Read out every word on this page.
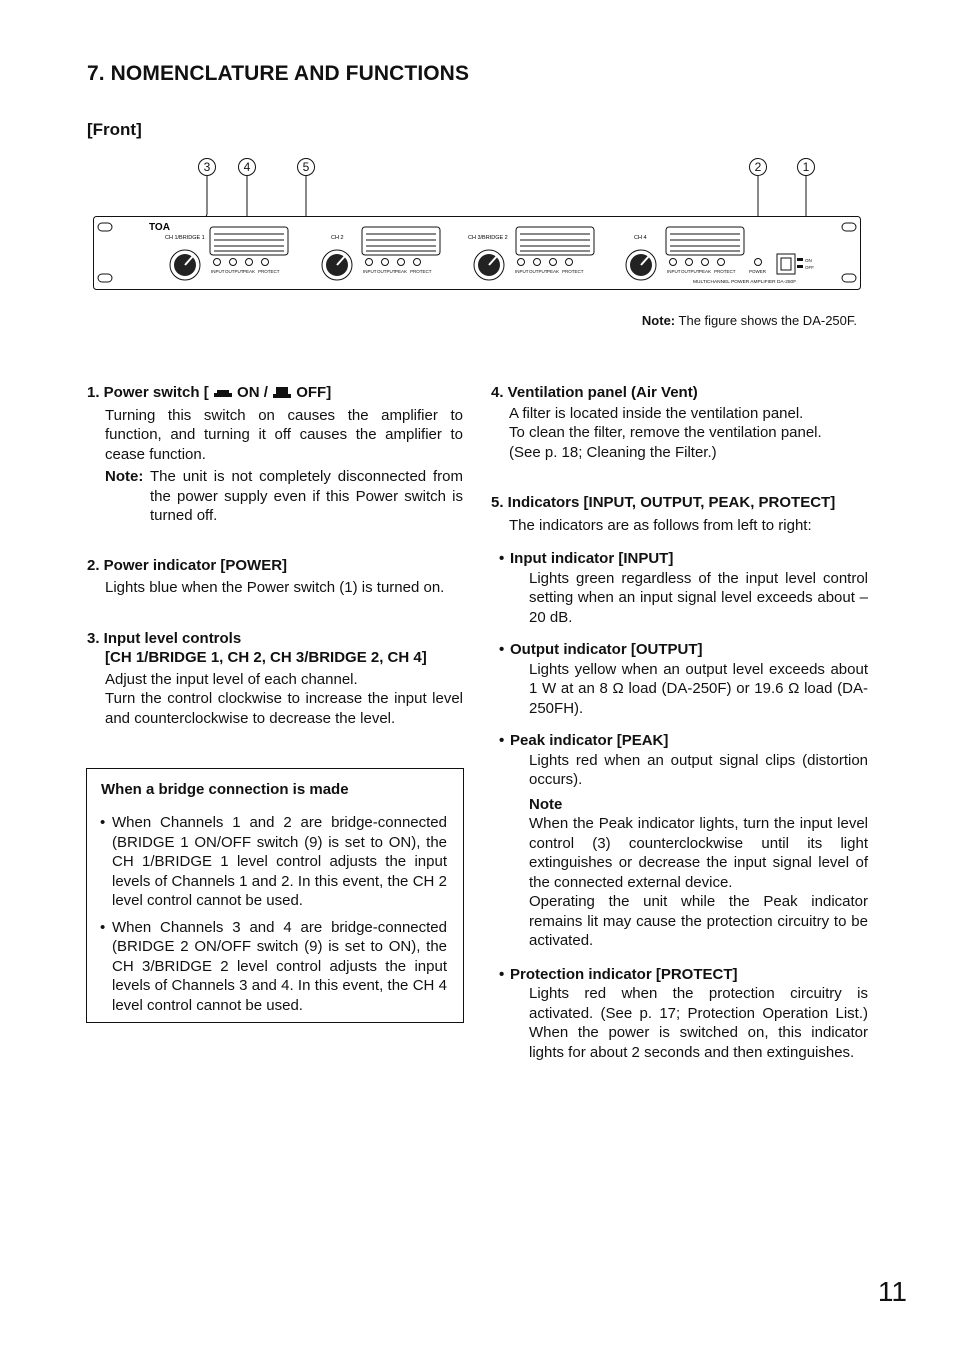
7. NOMENCLATURE AND FUNCTIONS
[Front]
3	4	5	2	1
TOA
CH 1/BRIDGE 1	CH 2	CH 3/BRIDGE 2	CH 4
INPUT OUTPUT PEAK PROTECT	INPUT OUTPUT PEAK PROTECT	INPUT OUTPUT PEAK PROTECT	INPUT OUTPUT PEAK PROTECT	POWER
ON
OFF
MULTICHANNEL POWER AMPLIFIER DA-250F
Note: The figure shows the DA-250F.
1. Power switch [  ON /  OFF]

Turning this switch on causes the amplifier to function, and turning it off causes the amplifier to cease function.

Note: The unit is not completely disconnected from the power supply even if this Power switch is turned off.

2. Power indicator [POWER]

Lights blue when the Power switch (1) is turned on.

3. Input level controls
[CH 1/BRIDGE 1, CH 2, CH 3/BRIDGE 2, CH 4]

Adjust the input level of each channel.

Turn the control clockwise to increase the input level and counterclockwise to decrease the level.

When a bridge connection is made

• When Channels 1 and 2 are bridge-connected (BRIDGE 1 ON/OFF switch (9) is set to ON), the CH 1/BRIDGE 1 level control adjusts the input levels of Channels 1 and 2. In this event, the CH 2 level control cannot be used.

• When Channels 3 and 4 are bridge-connected (BRIDGE 2 ON/OFF switch (9) is set to ON), the CH 3/BRIDGE 2 level control adjusts the input levels of Channels 3 and 4. In this event, the CH 4 level control cannot be used.

4. Ventilation panel (Air Vent)

A filter is located inside the ventilation panel.

To clean the filter, remove the ventilation panel.

(See p. 18; Cleaning the Filter.)

5. Indicators [INPUT, OUTPUT, PEAK, PROTECT]

The indicators are as follows from left to right:

• Input indicator [INPUT]

Lights green regardless of the input level control setting when an input signal level exceeds about –20 dB.

• Output indicator [OUTPUT]

Lights yellow when an output level exceeds about 1 W at an 8 Ω load (DA-250F) or 19.6 Ω load (DA-250FH).

• Peak indicator [PEAK]

Lights red when an output signal clips (distortion occurs).

Note

When the Peak indicator lights, turn the input level control (3) counterclockwise until its light extinguishes or decrease the input signal level of the connected external device.

Operating the unit while the Peak indicator remains lit may cause the protection circuitry to be activated.

• Protection indicator [PROTECT]

Lights red when the protection circuitry is activated. (See p. 17; Protection Operation List.) When the power is switched on, this indicator lights for about 2 seconds and then extinguishes.

11
